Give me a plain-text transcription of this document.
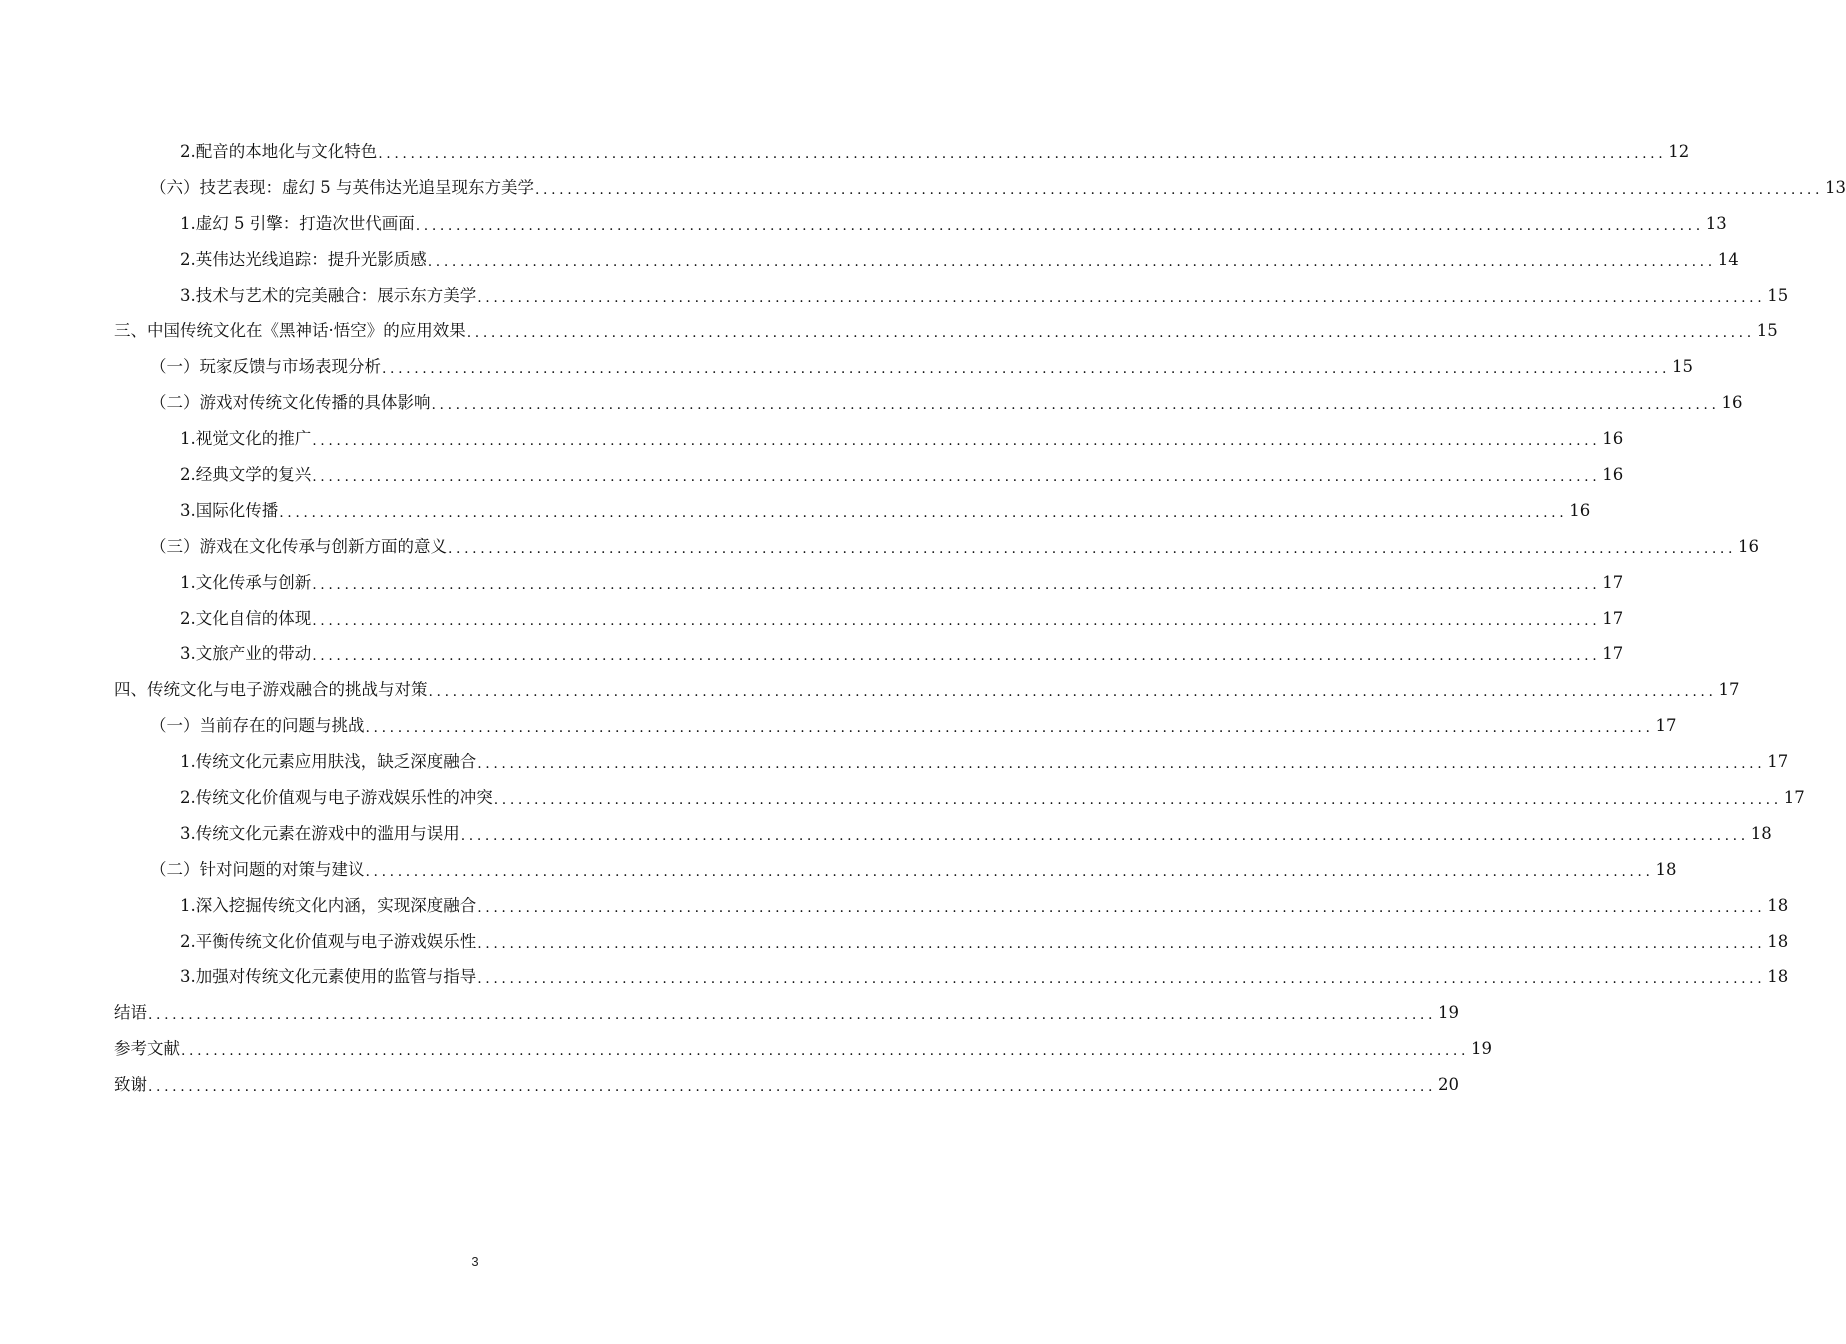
2.配音的本地化与文化特色 ................................................................................................................................................................ 12
（六）技艺表现：虚幻 5 与英伟达光追呈现东方美学 ................................................................................................................................................................ 13
1.虚幻 5 引擎：打造次世代画面 ................................................................................................................................................................ 13
2.英伟达光线追踪：提升光影质感 ................................................................................................................................................................ 14
3.技术与艺术的完美融合：展示东方美学 ................................................................................................................................................................ 15
三、中国传统文化在《黑神话·悟空》的应用效果 ................................................................................................................................................................ 15
（一）玩家反馈与市场表现分析 ................................................................................................................................................................ 15
（二）游戏对传统文化传播的具体影响 ................................................................................................................................................................ 16
1.视觉文化的推广 ................................................................................................................................................................ 16
2.经典文学的复兴 ................................................................................................................................................................ 16
3.国际化传播 ................................................................................................................................................................ 16
（三）游戏在文化传承与创新方面的意义 ................................................................................................................................................................ 16
1.文化传承与创新 ................................................................................................................................................................ 17
2.文化自信的体现 ................................................................................................................................................................ 17
3.文旅产业的带动 ................................................................................................................................................................ 17
四、传统文化与电子游戏融合的挑战与对策 ................................................................................................................................................................ 17
（一）当前存在的问题与挑战 ................................................................................................................................................................ 17
1.传统文化元素应用肤浅，缺乏深度融合 ................................................................................................................................................................ 17
2.传统文化价值观与电子游戏娱乐性的冲突 ................................................................................................................................................................ 17
3.传统文化元素在游戏中的滥用与误用 ................................................................................................................................................................ 18
（二）针对问题的对策与建议 ................................................................................................................................................................ 18
1.深入挖掘传统文化内涵，实现深度融合 ................................................................................................................................................................ 18
2.平衡传统文化价值观与电子游戏娱乐性 ................................................................................................................................................................ 18
3.加强对传统文化元素使用的监管与指导 ................................................................................................................................................................ 18
结语 ................................................................................................................................................................ 19
参考文献 ................................................................................................................................................................ 19
致谢 ................................................................................................................................................................ 20
3
